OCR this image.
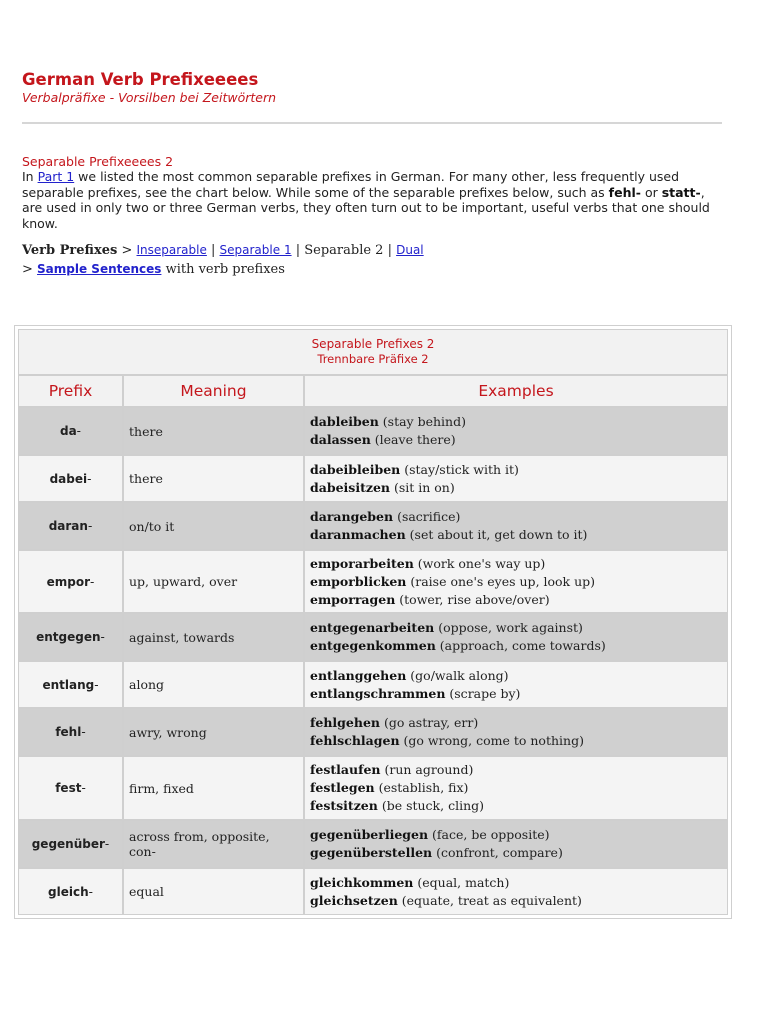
German Verb Prefixeeees
Verbalpräfixe - Vorsilben bei Zeitwörtern
Separable Prefixeeees 2
In Part 1 we listed the most common separable prefixes in German. For many other, less frequently used separable prefixes, see the chart below. While some of the separable prefixes below, such as fehl- or statt-, are used in only two or three German verbs, they often turn out to be important, useful verbs that one should know.
Verb Prefixes > Inseparable | Separable 1 | Separable 2 | Dual
> Sample Sentences with verb prefixes
Separable Prefixes 2
Trennbare Präfixe 2		

Prefix	Meaning	Examples
da-	there	dableiben (stay behind)
dalassen (leave there)

dabei-	there	dabeibleiben (stay/stick with it)
dabeisitzen (sit in on)

daran-	on/to it	darangeben (sacrifice)
daranmachen (set about it, get down to it)

empor-	up, upward, over	emporarbeiten (work one's way up)
emporblicken (raise one's eyes up, look up)
emporragen (tower, rise above/over)

entgegen-	against, towards	entgegenarbeiten (oppose, work against)
entgegenkommen (approach, come towards)

entlang-	along	entlanggehen (go/walk along)
entlangschrammen (scrape by)

fehl-	awry, wrong	fehlgehen (go astray, err)
fehlschlagen (go wrong, come to nothing)

fest-	firm, fixed	festlaufen (run aground)
festlegen (establish, fix)
festsitzen (be stuck, cling)

gegenüber-	across from, opposite, con-	gegenüberliegen (face, be opposite)
gegenüberstellen (confront, compare)

gleich-	equal	gleichkommen (equal, match)
gleichsetzen (equate, treat as equivalent)
